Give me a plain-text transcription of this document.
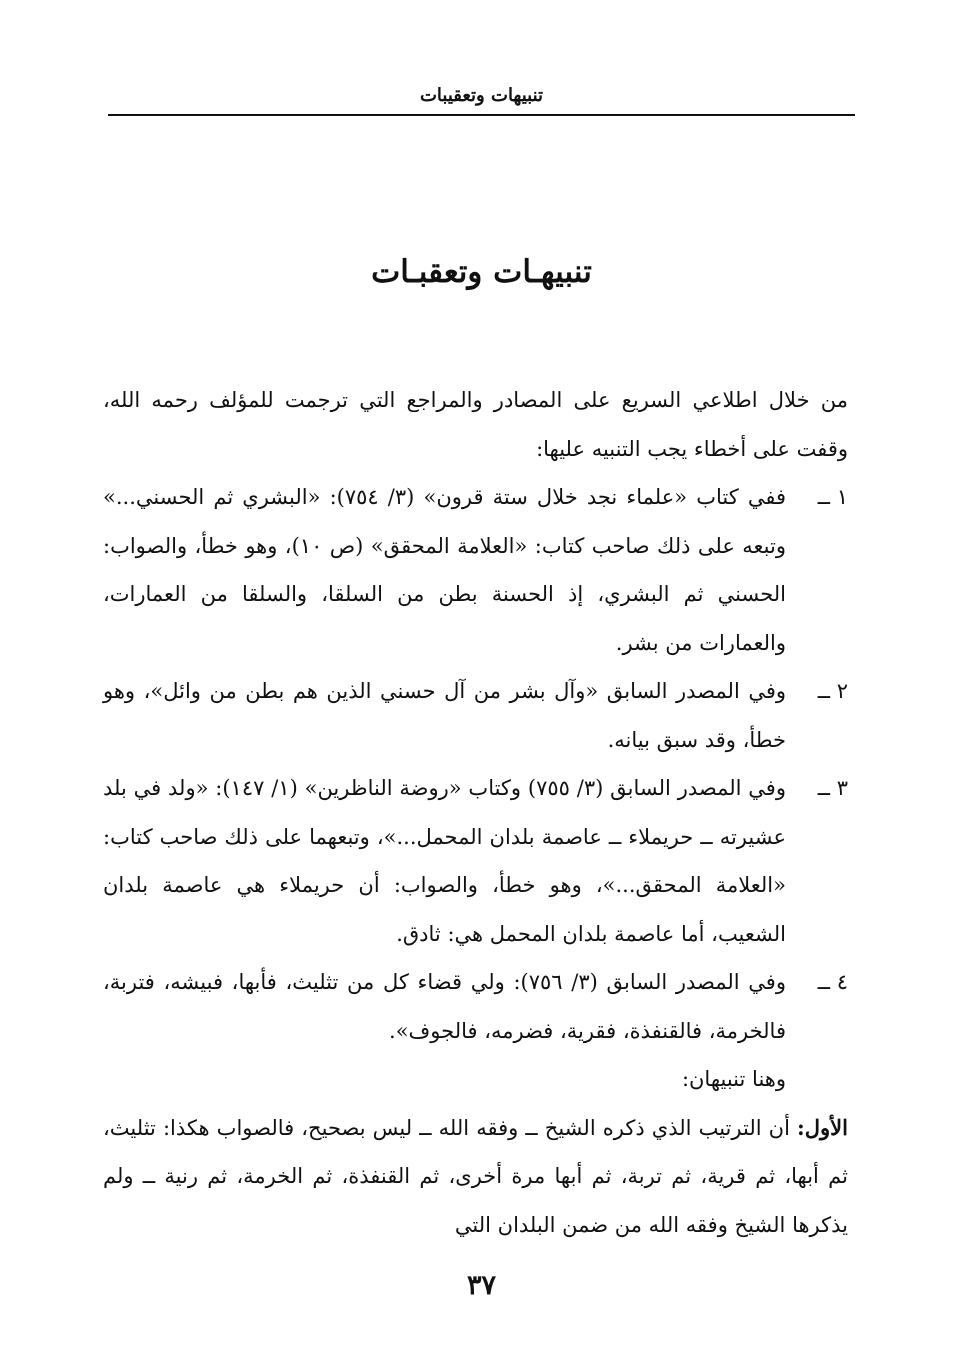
تنبيهات وتعقيبات
تنبيهـات وتعقبـات

من خلال اطلاعي السريع على المصادر والمراجع التي ترجمت للمؤلف رحمه الله، وقفت على أخطاء يجب التنبيه عليها:

١ ــ
ففي كتاب «علماء نجد خلال ستة قرون» (٣/ ٧٥٤): «البشري ثم الحسني...» وتبعه على ذلك صاحب كتاب: «العلامة المحقق» (ص ١٠)، وهو خطأ، والصواب: الحسني ثم البشري، إذ الحسنة بطن من السلقا، والسلقا من العمارات، والعمارات من بشر.
٢ ــ
وفي المصدر السابق «وآل بشر من آل حسني الذين هم بطن من وائل»، وهو خطأ، وقد سبق بيانه.
٣ ــ
وفي المصدر السابق (٣/ ٧٥٥) وكتاب «روضة الناظرين» (١/ ١٤٧): «ولد في بلد عشيرته ــ حريملاء ــ عاصمة بلدان المحمل...»، وتبعهما على ذلك صاحب كتاب: «العلامة المحقق...»، وهو خطأ، والصواب: أن حريملاء هي عاصمة بلدان الشعيب، أما عاصمة بلدان المحمل هي: ثادق.
٤ ــ
وفي المصدر السابق (٣/ ٧٥٦): ولي قضاء كل من تثليث، فأبها، فبيشه، فتربة، فالخرمة، فالقنفذة، فقرية، فضرمه، فالجوف».

وهنا تنبيهان:

الأول: أن الترتيب الذي ذكره الشيخ ــ وفقه الله ــ ليس بصحيح، فالصواب هكذا: تثليث، ثم أبها، ثم قرية، ثم تربة، ثم أبها مرة أخرى، ثم القنفذة، ثم الخرمة، ثم رنية ــ ولم يذكرها الشيخ وفقه الله من ضمن البلدان التي

٣٧
